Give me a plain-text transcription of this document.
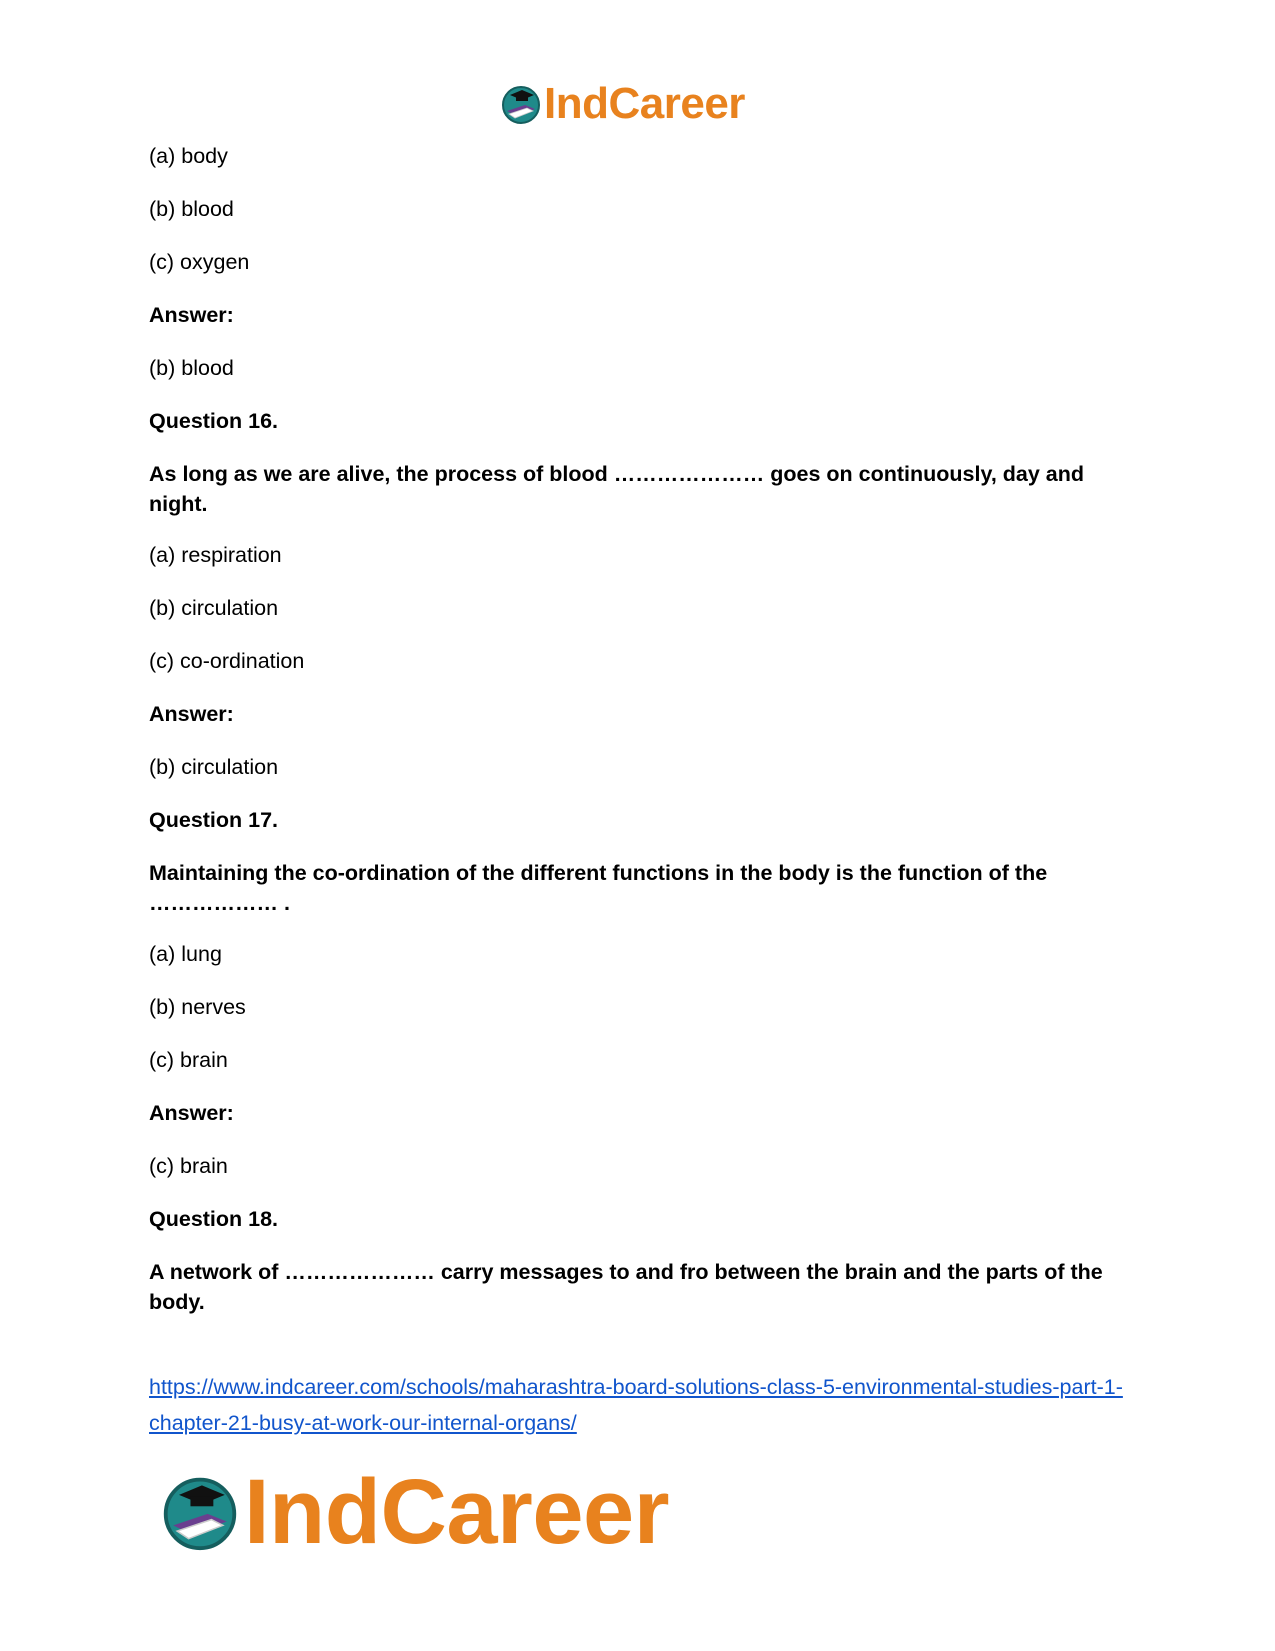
IndCareer
(a) body
(b) blood
(c) oxygen
Answer:
(b) blood
Question 16.
As long as we are alive, the process of blood ………………… goes on continuously, day and night.
(a) respiration
(b) circulation
(c) co-ordination
Answer:
(b) circulation
Question 17.
Maintaining the co-ordination of the different functions in the body is the function of the ……………… .
(a) lung
(b) nerves
(c) brain
Answer:
(c) brain
Question 18.
A network of ………………… carry messages to and fro between the brain and the parts of the body.
https://www.indcareer.com/schools/maharashtra-board-solutions-class-5-environmental-studies-part-1-chapter-21-busy-at-work-our-internal-organs/
IndCareer
